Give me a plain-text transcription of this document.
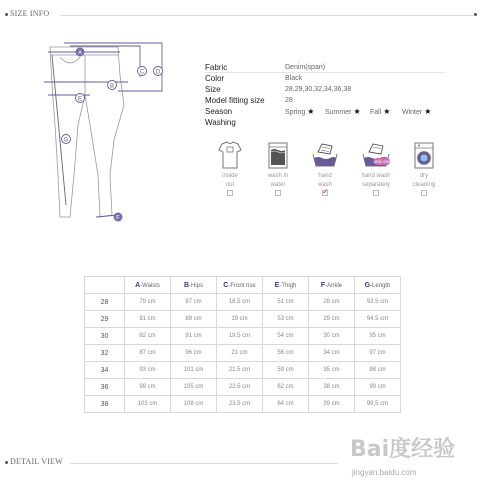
SIZE INFO
A
B
C D
E
F
G
Fabric	Denim(span)
Color	Black
Size	28,29,30,32,34,36,38
Model fitting size	28
Season	Spring ★ Summer ★ Fall ★ Winter ★
Washing
inside
out
wash in
water
hand
wash
✓
only one
hand wash
separately
dry
cleaning
	A-Waists	B-Hips	C-Front rise	E-Thigh	F-Ankle	G-Length
28	79 cm	87 cm	18.5 cm	51 cm	28 cm	93.5 cm
29	81 cm	89 cm	19 cm	53 cm	29 cm	94.5 cm
30	82 cm	91 cm	19.5 cm	54 cm	30 cm	95 cm
32	87 cm	96 cm	21 cm	56 cm	34 cm	97 cm
34	93 cm	101 cm	21.5 cm	59 cm	35 cm	98 cm
36	99 cm	105 cm	22.5 cm	62 cm	38 cm	99 cm
38	103 cm	108 cm	23.5 cm	64 cm	39 cm	99.5 cm
DETAIL VIEW	Bai度经验
jingyan.baidu.com
